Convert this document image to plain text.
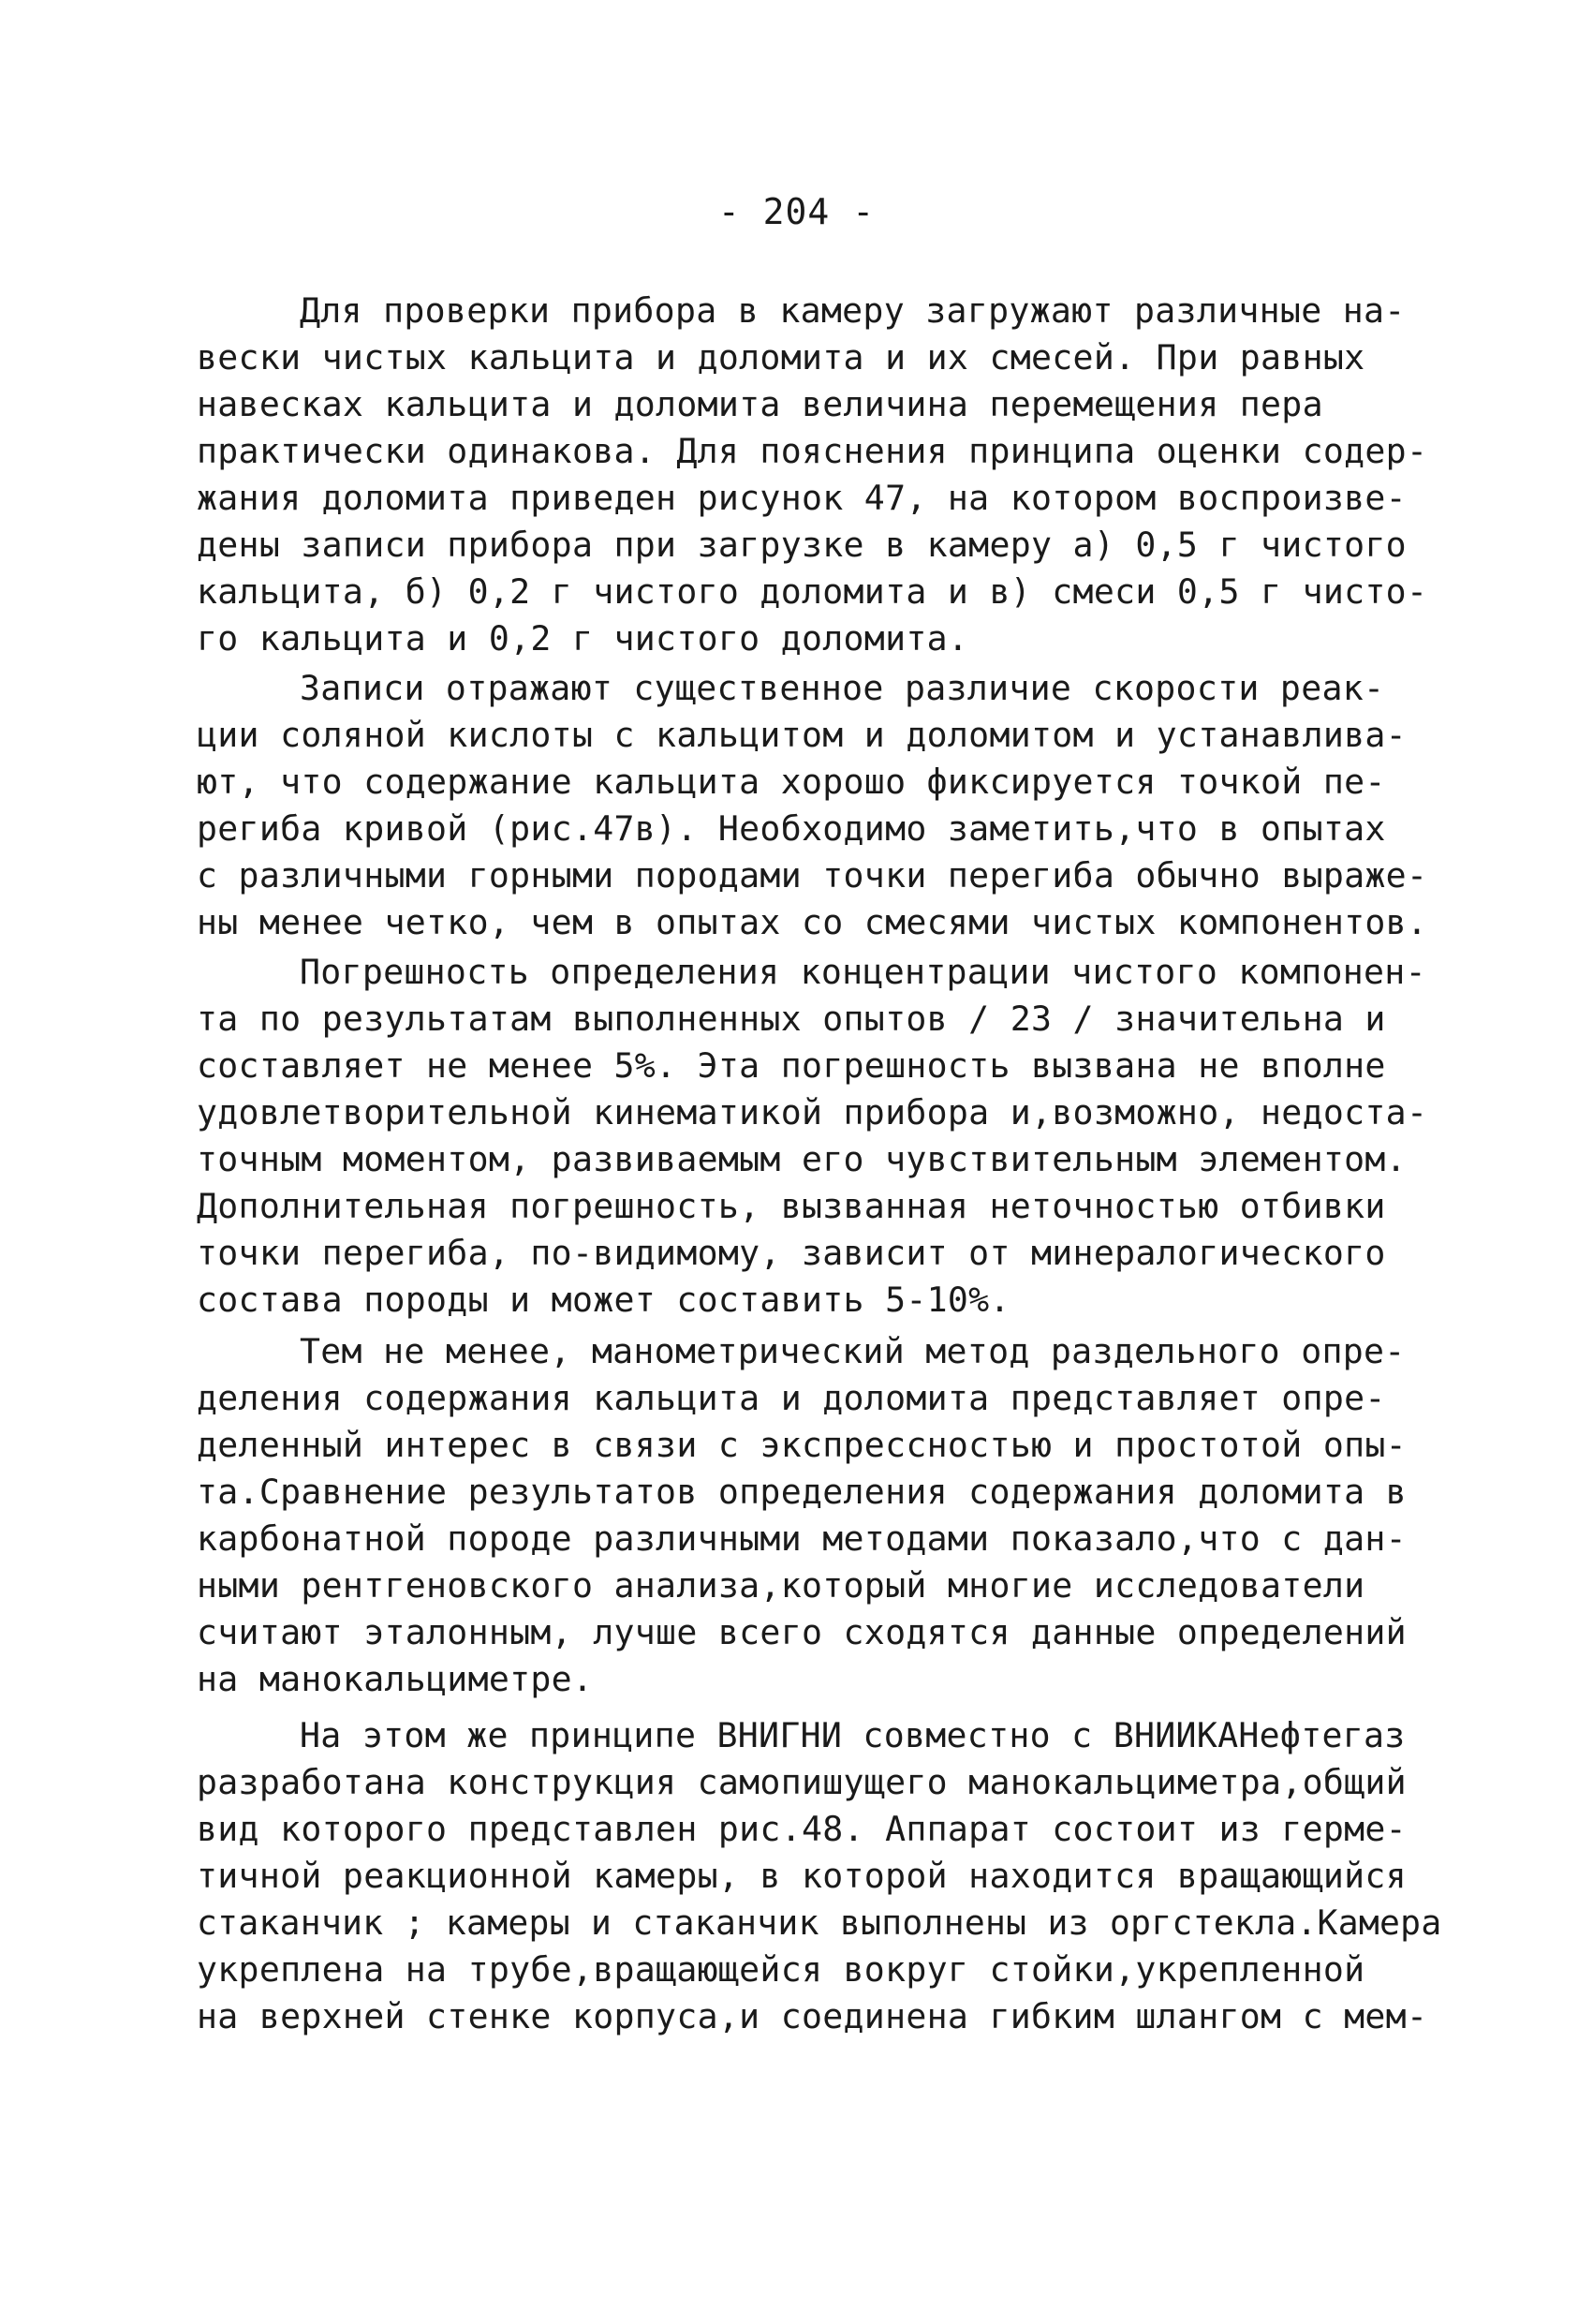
- 204 -
Для проверки прибора в камеру загружают различные на-
вески чистых кальцита и доломита и их смесей. При равных
навесках кальцита и доломита величина перемещения пера
практически одинакова. Для пояснения принципа оценки содер-
жания доломита приведен рисунок 47, на котором воспроизве-
дены записи прибора при загрузке в камеру а) 0,5 г чистого
кальцита, б) 0,2 г чистого доломита и в) смеси 0,5 г чисто-
го кальцита и 0,2 г чистого доломита.
Записи отражают существенное различие скорости реак-
ции соляной кислоты с кальцитом и доломитом и устанавлива-
ют, что содержание кальцита хорошо фиксируется точкой пе-
региба кривой (рис.47в). Необходимо заметить,что в опытах
с различными горными породами точки перегиба обычно выраже-
ны менее четко, чем в опытах со смесями чистых компонентов.
Погрешность определения концентрации чистого компонен-
та по результатам выполненных опытов / 23 / значительна и
составляет не менее 5%. Эта погрешность вызвана не вполне
удовлетворительной кинематикой прибора и,возможно, недоста-
точным моментом, развиваемым его чувствительным элементом.
Дополнительная погрешность, вызванная неточностью отбивки
точки перегиба, по-видимому, зависит от минералогического
состава породы и может составить 5-10%.
Тем не менее, манометрический метод раздельного опре-
деления содержания кальцита и доломита представляет опре-
деленный интерес в связи с экспрессностью и простотой опы-
та.Сравнение результатов определения содержания доломита в
карбонатной породе различными методами показало,что с дан-
ными рентгеновского анализа,который многие исследователи
считают эталонным, лучше всего сходятся данные определений
на манокальциметре.
На этом же принципе ВНИГНИ совместно с ВНИИКАНефтегаз
разработана конструкция самопишущего манокальциметра,общий
вид которого представлен рис.48. Аппарат состоит из герме-
тичной реакционной камеры, в которой находится вращающийся
стаканчик ; камеры и стаканчик выполнены из оргстекла.Камера
укреплена на трубе,вращающейся вокруг стойки,укрепленной
на верхней стенке корпуса,и соединена гибким шлангом с мем-
